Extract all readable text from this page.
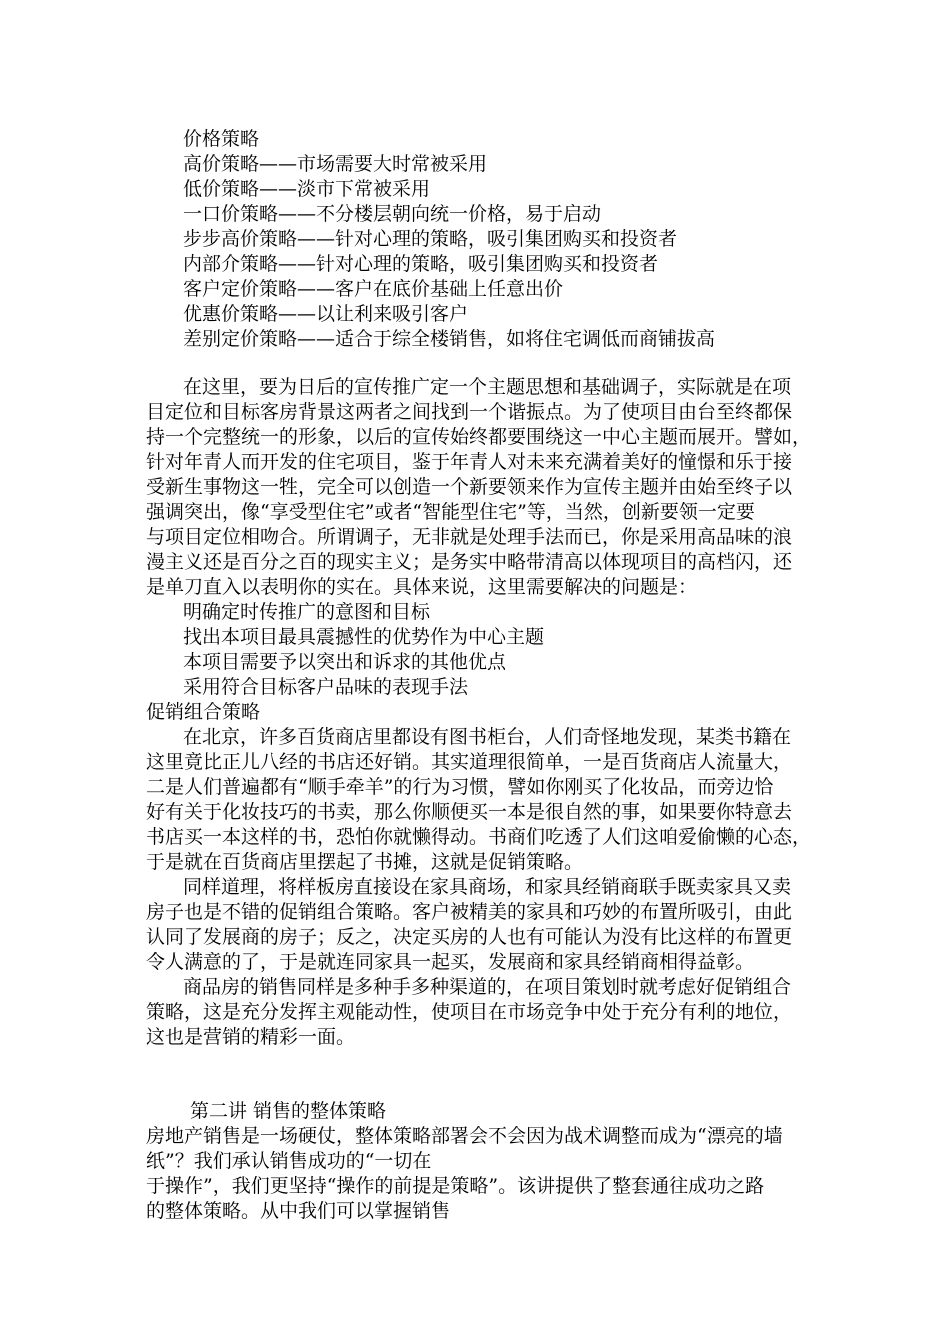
价格策略
高价策略——市场需要大时常被采用
低价策略——淡市下常被采用
一口价策略——不分楼层朝向统一价格，易于启动
步步高价策略——针对心理的策略，吸引集团购买和投资者
内部介策略——针对心理的策略，吸引集团购买和投资者
客户定价策略——客户在底价基础上任意出价
优惠价策略——以让利来吸引客户
差别定价策略——适合于综全楼销售，如将住宅调低而商铺拔高
在这里，要为日后的宣传推广定一个主题思想和基础调子，实际就是在项
目定位和目标客房背景这两者之间找到一个谐振点。为了使项目由台至终都保
持一个完整统一的形象，以后的宣传始终都要围绕这一中心主题而展开。譬如，
针对年青人而开发的住宅项目，鉴于年青人对未来充满着美好的憧憬和乐于接
受新生事物这一牲，完全可以创造一个新要领来作为宣传主题并由始至终子以
强调突出，像“享受型住宅”或者“智能型住宅”等，当然，创新要领一定要
与项目定位相吻合。所谓调子，无非就是处理手法而已，你是采用高品味的浪
漫主义还是百分之百的现实主义；是务实中略带清高以体现项目的高档闪，还
是单刀直入以表明你的实在。具体来说，这里需要解决的问题是：
明确定时传推广的意图和目标
找出本项目最具震撼性的优势作为中心主题
本项目需要予以突出和诉求的其他优点
采用符合目标客户品味的表现手法
促销组合策略
在北京，许多百货商店里都设有图书柜台，人们奇怪地发现，某类书籍在
这里竟比正儿八经的书店还好销。其实道理很简单，一是百货商店人流量大，
二是人们普遍都有“顺手牵羊”的行为习惯，譬如你刚买了化妆品，而旁边恰
好有关于化妆技巧的书卖，那么你顺便买一本是很自然的事，如果要你特意去
书店买一本这样的书，恐怕你就懒得动。书商们吃透了人们这咱爱偷懒的心态，
于是就在百货商店里摆起了书摊，这就是促销策略。
同样道理，将样板房直接设在家具商场，和家具经销商联手既卖家具又卖
房子也是不错的促销组合策略。客户被精美的家具和巧妙的布置所吸引，由此
认同了发展商的房子；反之，决定买房的人也有可能认为没有比这样的布置更
令人满意的了，于是就连同家具一起买，发展商和家具经销商相得益彰。
商品房的销售同样是多种手多种渠道的，在项目策划时就考虑好促销组合
策略，这是充分发挥主观能动性，使项目在市场竞争中处于充分有利的地位，
这也是营销的精彩一面。
第二讲 销售的整体策略
房地产销售是一场硬仗，整体策略部署会不会因为战术调整而成为“漂亮的墙
纸”？我们承认销售成功的“一切在
于操作”，我们更坚持“操作的前提是策略”。该讲提供了整套通往成功之路
的整体策略。从中我们可以掌握销售
